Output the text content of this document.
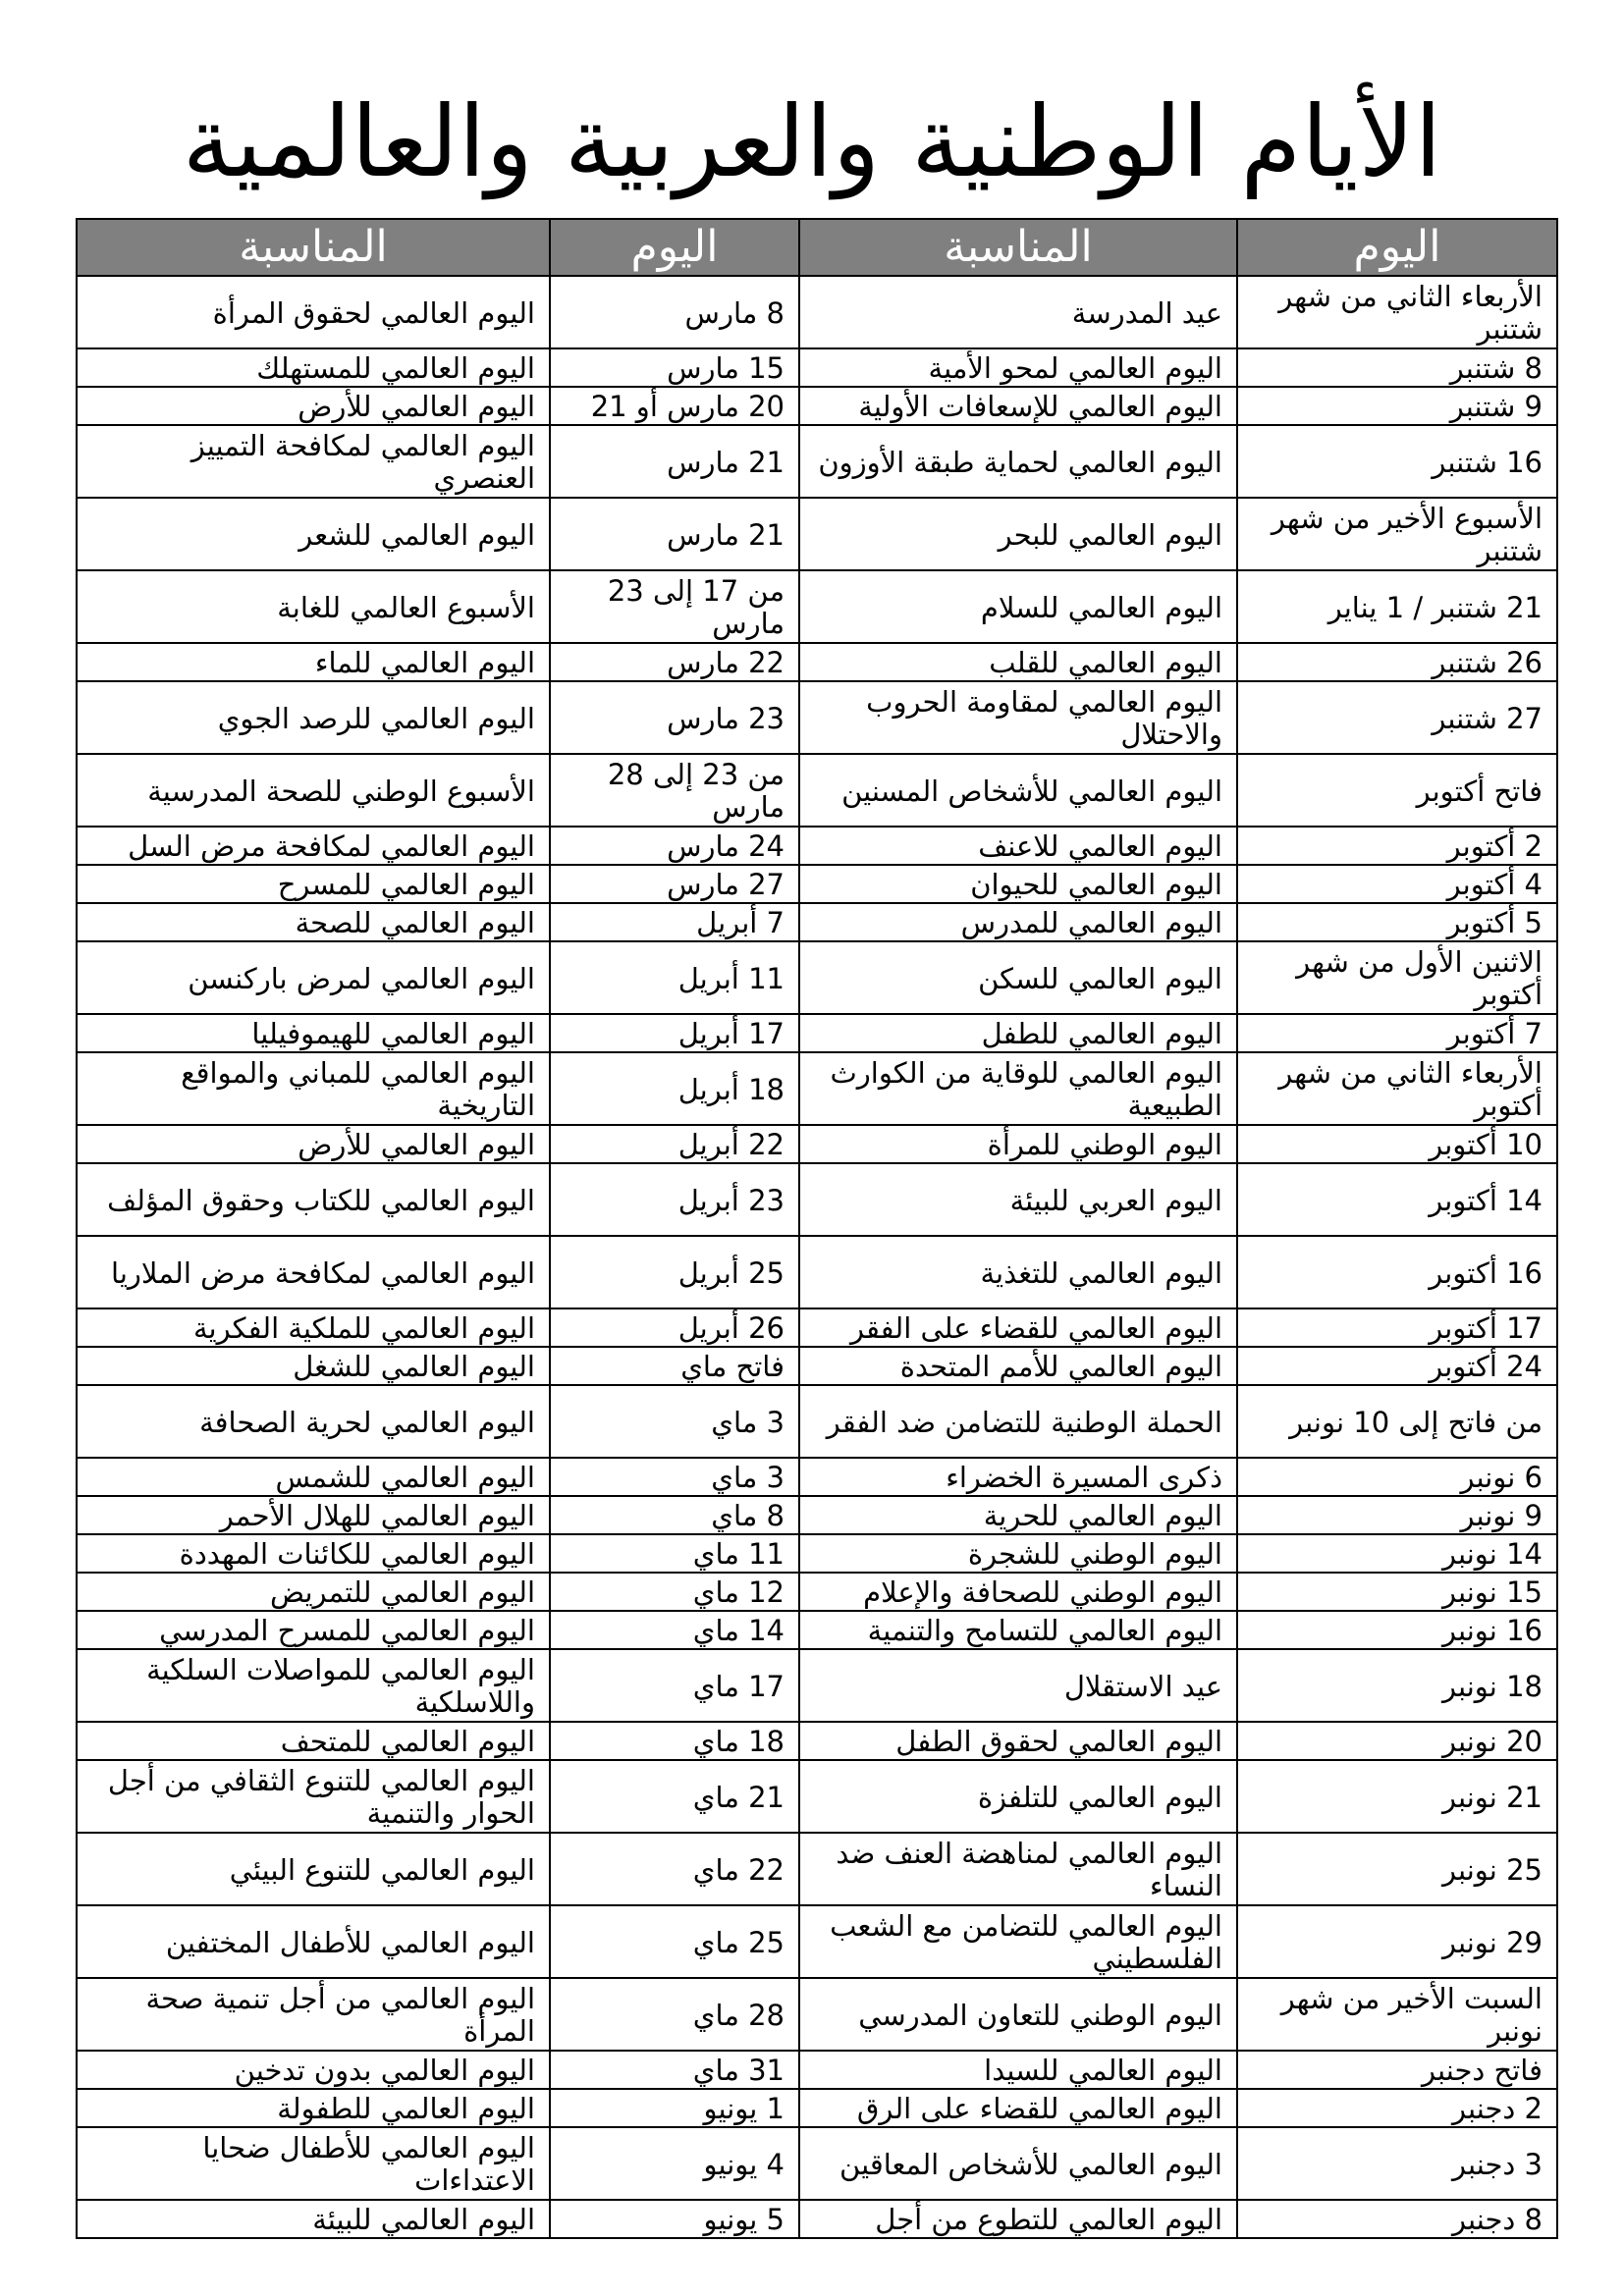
الأيام الوطنية والعربية والعالمية
اليوم	المناسبة	اليوم	المناسبة
الأربعاء الثاني من شهر شتنبر	عيد المدرسة	8 مارس	اليوم العالمي لحقوق المرأة
8 شتنبر	اليوم العالمي لمحو الأمية	15 مارس	اليوم العالمي للمستهلك
9 شتنبر	اليوم العالمي للإسعافات الأولية	20 مارس أو 21	اليوم العالمي للأرض
16 شتنبر	اليوم العالمي لحماية طبقة الأوزون	21 مارس	اليوم العالمي لمكافحة التمييز العنصري
الأسبوع الأخير من شهر شتنبر	اليوم العالمي للبحر	21 مارس	اليوم العالمي للشعر
21 شتنبر / 1 يناير	اليوم العالمي للسلام	من 17 إلى 23 مارس	الأسبوع العالمي للغابة
26 شتنبر	اليوم العالمي للقلب	22 مارس	اليوم العالمي للماء
27 شتنبر	اليوم العالمي لمقاومة الحروب والاحتلال	23 مارس	اليوم العالمي للرصد الجوي
فاتح أكتوبر	اليوم العالمي للأشخاص المسنين	من 23 إلى 28 مارس	الأسبوع الوطني للصحة المدرسية
2 أكتوبر	اليوم العالمي للاعنف	24 مارس	اليوم العالمي لمكافحة مرض السل
4 أكتوبر	اليوم العالمي للحيوان	27 مارس	اليوم العالمي للمسرح
5 أكتوبر	اليوم العالمي للمدرس	7 أبريل	اليوم العالمي للصحة
الاثنين الأول من شهر أكتوبر	اليوم العالمي للسكن	11 أبريل	اليوم العالمي لمرض باركنسن
7 أكتوبر	اليوم العالمي للطفل	17 أبريل	اليوم العالمي للهيموفيليا
الأربعاء الثاني من شهر أكتوبر	اليوم العالمي للوقاية من الكوارث الطبيعية	18 أبريل	اليوم العالمي للمباني والمواقع التاريخية
10 أكتوبر	اليوم الوطني للمرأة	22 أبريل	اليوم العالمي للأرض
14 أكتوبر	اليوم العربي للبيئة	23 أبريل	اليوم العالمي للكتاب وحقوق المؤلف
16 أكتوبر	اليوم العالمي للتغذية	25 أبريل	اليوم العالمي لمكافحة مرض الملاريا
17 أكتوبر	اليوم العالمي للقضاء على الفقر	26 أبريل	اليوم العالمي للملكية الفكرية
24 أكتوبر	اليوم العالمي للأمم المتحدة	فاتح ماي	اليوم العالمي للشغل
من فاتح إلى 10 نونبر	الحملة الوطنية للتضامن ضد الفقر	3 ماي	اليوم العالمي لحرية الصحافة
6 نونبر	ذكرى المسيرة الخضراء	3 ماي	اليوم العالمي للشمس
9 نونبر	اليوم العالمي للحرية	8 ماي	اليوم العالمي للهلال الأحمر
14 نونبر	اليوم الوطني للشجرة	11 ماي	اليوم العالمي للكائنات المهددة
15 نونبر	اليوم الوطني للصحافة والإعلام	12 ماي	اليوم العالمي للتمريض
16 نونبر	اليوم العالمي للتسامح والتنمية	14 ماي	اليوم العالمي للمسرح المدرسي
18 نونبر	عيد الاستقلال	17 ماي	اليوم العالمي للمواصلات السلكية واللاسلكية
20 نونبر	اليوم العالمي لحقوق الطفل	18 ماي	اليوم العالمي للمتحف
21 نونبر	اليوم العالمي للتلفزة	21 ماي	اليوم العالمي للتنوع الثقافي من أجل الحوار والتنمية
25 نونبر	اليوم العالمي لمناهضة العنف ضد النساء	22 ماي	اليوم العالمي للتنوع البيئي
29 نونبر	اليوم العالمي للتضامن مع الشعب الفلسطيني	25 ماي	اليوم العالمي للأطفال المختفين
السبت الأخير من شهر نونبر	اليوم الوطني للتعاون المدرسي	28 ماي	اليوم العالمي من أجل تنمية صحة المرأة
فاتح دجنبر	اليوم العالمي للسيدا	31 ماي	اليوم العالمي بدون تدخين
2 دجنبر	اليوم العالمي للقضاء على الرق	1 يونيو	اليوم العالمي للطفولة
3 دجنبر	اليوم العالمي للأشخاص المعاقين	4 يونيو	اليوم العالمي للأطفال ضحايا الاعتداءات
8 دجنبر	اليوم العالمي للتطوع من أجل	5 يونيو	اليوم العالمي للبيئة
